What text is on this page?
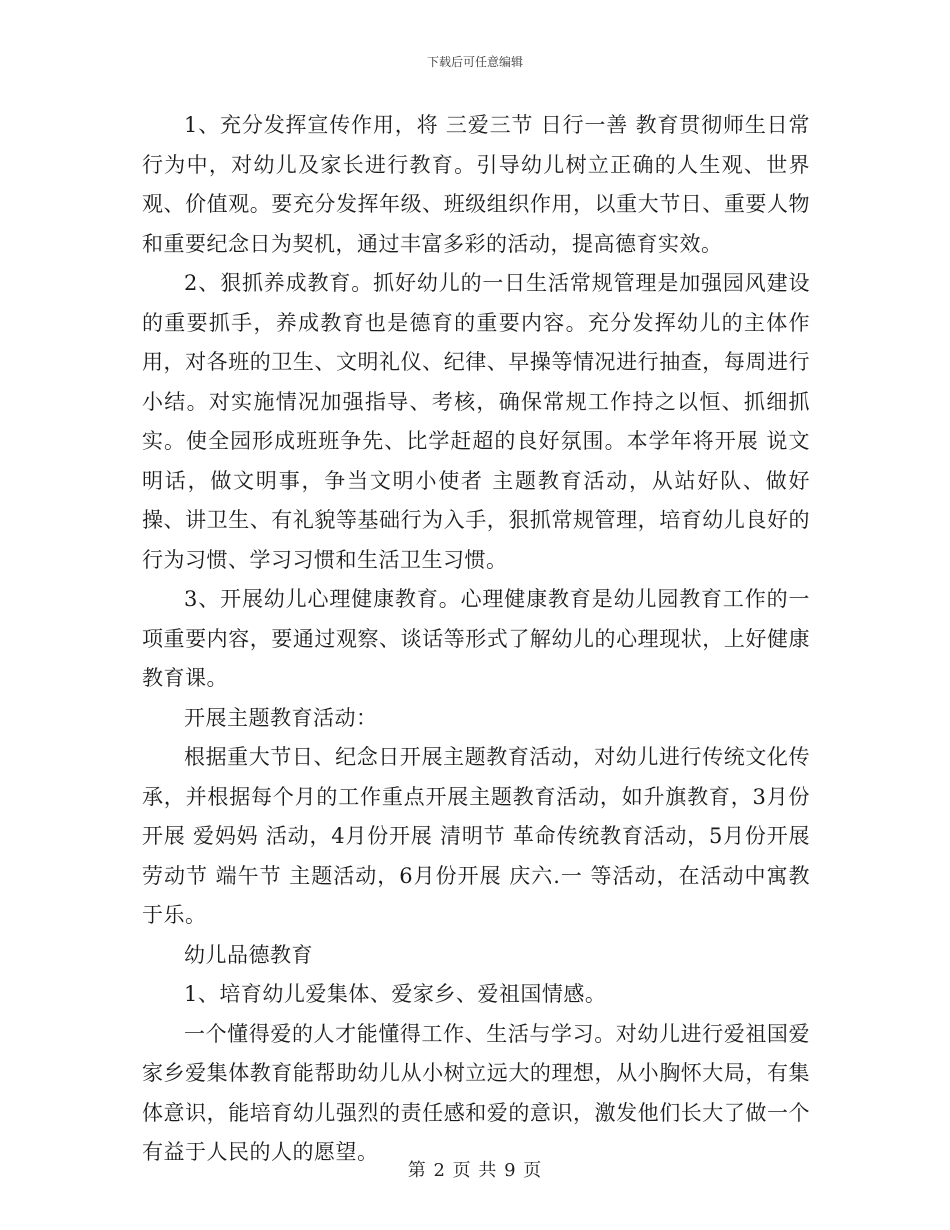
下载后可任意编辑

1、充分发挥宣传作用，将 三爱三节 日行一善 教育贯彻师生日常行为中，对幼儿及家长进行教育。引导幼儿树立正确的人生观、世界观、价值观。要充分发挥年级、班级组织作用，以重大节日、重要人物和重要纪念日为契机，通过丰富多彩的活动，提高德育实效。

2、狠抓养成教育。抓好幼儿的一日生活常规管理是加强园风建设的重要抓手，养成教育也是德育的重要内容。充分发挥幼儿的主体作用，对各班的卫生、文明礼仪、纪律、早操等情况进行抽查，每周进行小结。对实施情况加强指导、考核，确保常规工作持之以恒、抓细抓实。使全园形成班班争先、比学赶超的良好氛围。本学年将开展 说文明话，做文明事，争当文明小使者 主题教育活动，从站好队、做好操、讲卫生、有礼貌等基础行为入手，狠抓常规管理，培育幼儿良好的行为习惯、学习习惯和生活卫生习惯。

3、开展幼儿心理健康教育。心理健康教育是幼儿园教育工作的一项重要内容，要通过观察、谈话等形式了解幼儿的心理现状，上好健康教育课。

开展主题教育活动：

根据重大节日、纪念日开展主题教育活动，对幼儿进行传统文化传承，并根据每个月的工作重点开展主题教育活动，如升旗教育，3月份开展 爱妈妈 活动，4月份开展 清明节 革命传统教育活动，5月份开展 劳动节 端午节 主题活动，6月份开展 庆六.一 等活动，在活动中寓教于乐。

幼儿品德教育

1、培育幼儿爱集体、爱家乡、爱祖国情感。

一个懂得爱的人才能懂得工作、生活与学习。对幼儿进行爱祖国爱家乡爱集体教育能帮助幼儿从小树立远大的理想，从小胸怀大局，有集体意识，能培育幼儿强烈的责任感和爱的意识，激发他们长大了做一个有益于人民的人的愿望。

第 2 页 共 9 页
